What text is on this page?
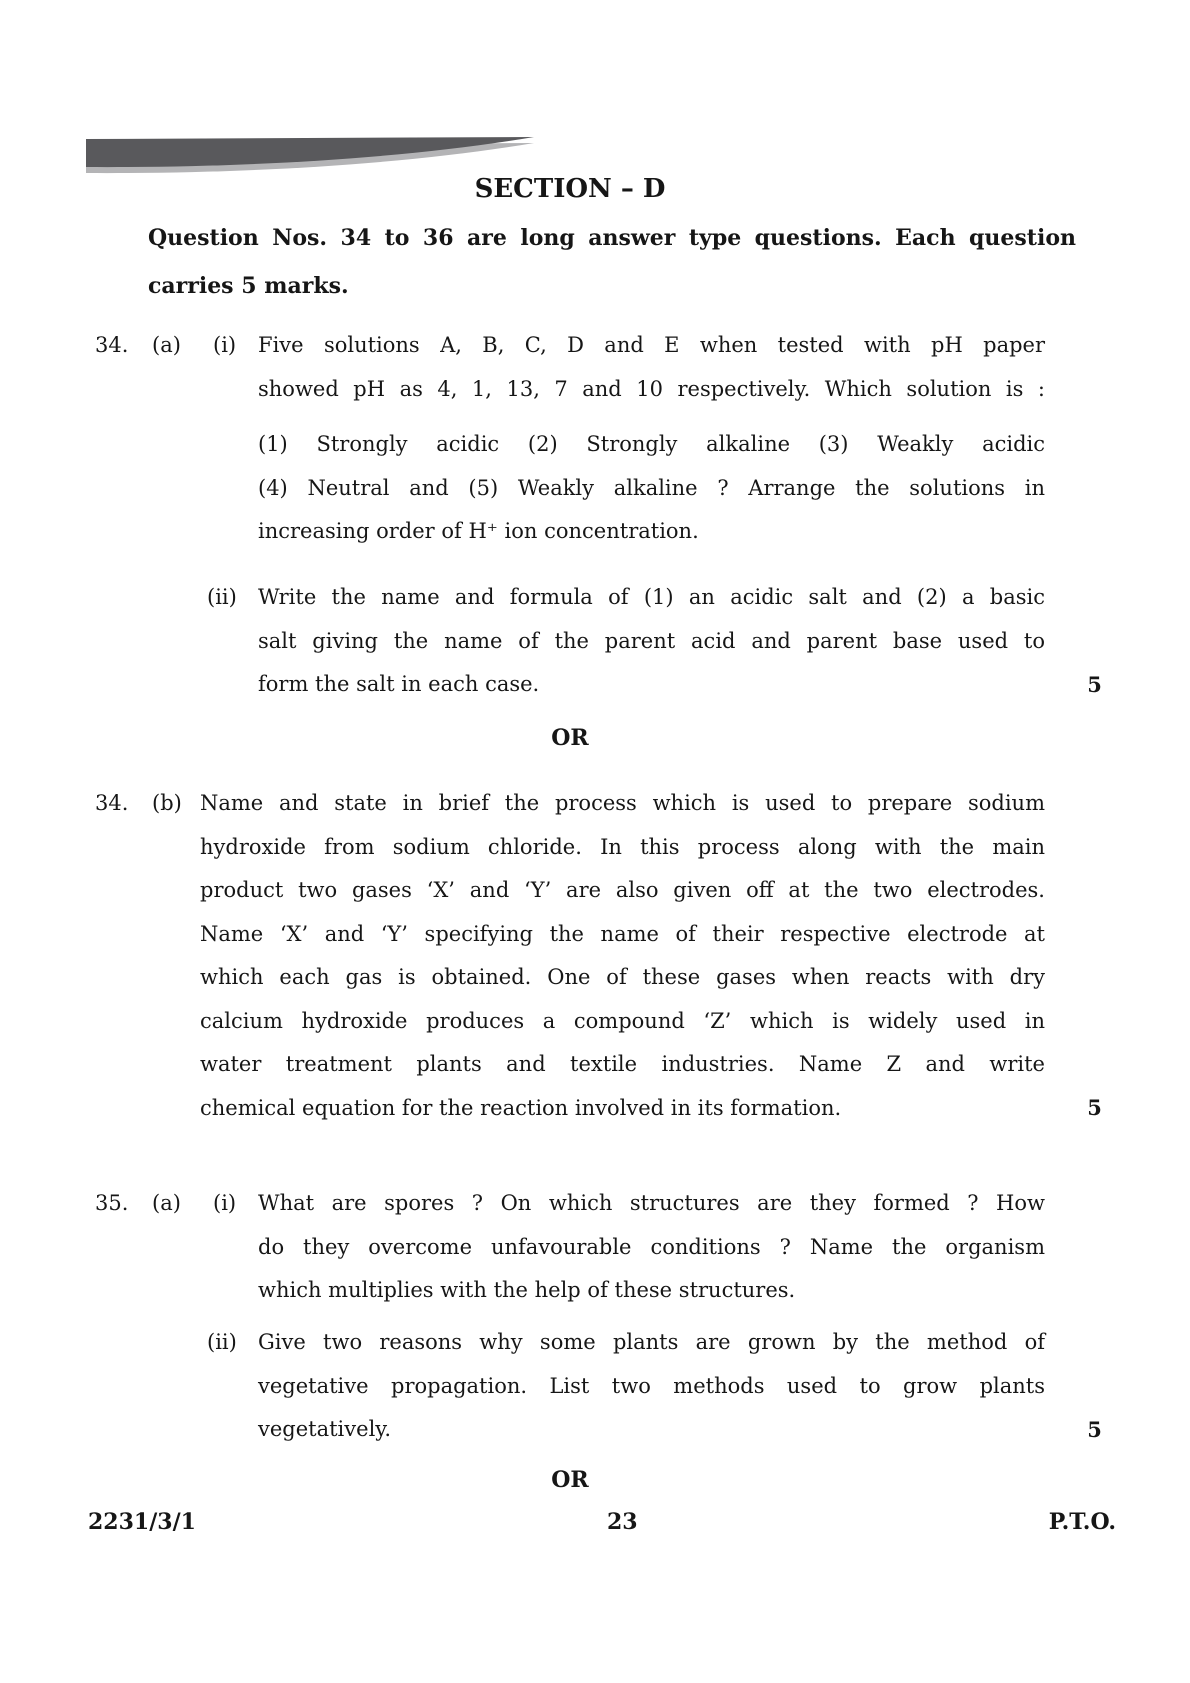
SECTION – D
Question Nos. 34 to 36 are long answer type questions. Each question
carries 5 marks.
34. (a) (i) Five solutions A, B, C, D and E when tested with pH paper
showed pH as 4, 1, 13, 7 and 10 respectively. Which solution is :
(1) Strongly acidic (2) Strongly alkaline (3) Weakly acidic
(4) Neutral and (5) Weakly alkaline ? Arrange the solutions in
increasing order of H⁺ ion concentration.
(ii) Write the name and formula of (1) an acidic salt and (2) a basic
salt giving the name of the parent acid and parent base used to
form the salt in each case.	5
OR
34. (b) Name and state in brief the process which is used to prepare sodium
hydroxide from sodium chloride. In this process along with the main
product two gases ‘X’ and ‘Y’ are also given off at the two electrodes.
Name ‘X’ and ‘Y’ specifying the name of their respective electrode at
which each gas is obtained. One of these gases when reacts with dry
calcium hydroxide produces a compound ‘Z’ which is widely used in
water treatment plants and textile industries. Name Z and write
chemical equation for the reaction involved in its formation.	5
35. (a) (i) What are spores ? On which structures are they formed ? How
do they overcome unfavourable conditions ? Name the organism
which multiplies with the help of these structures.
(ii) Give two reasons why some plants are grown by the method of
vegetative propagation. List two methods used to grow plants
vegetatively.	5
OR
2231/3/1	23	P.T.O.
